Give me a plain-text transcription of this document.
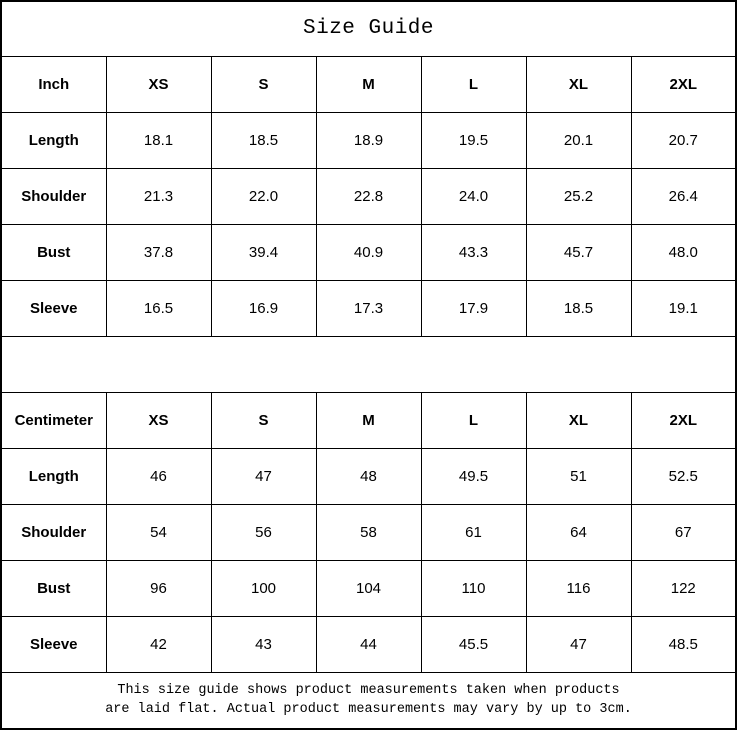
Size Guide						
Inch	XS	S	M	L	XL	2XL
Length	18.1	18.5	18.9	19.5	20.1	20.7
Shoulder	21.3	22.0	22.8	24.0	25.2	26.4
Bust	37.8	39.4	40.9	43.3	45.7	48.0
Sleeve	16.5	16.9	17.3	17.9	18.5	19.1

Centimeter	XS	S	M	L	XL	2XL
Length	46	47	48	49.5	51	52.5
Shoulder	54	56	58	61	64	67
Bust	96	100	104	110	116	122
Sleeve	42	43	44	45.5	47	48.5

This size guide shows product measurements taken when products
are laid flat. Actual product measurements may vary by up to 3cm.						
